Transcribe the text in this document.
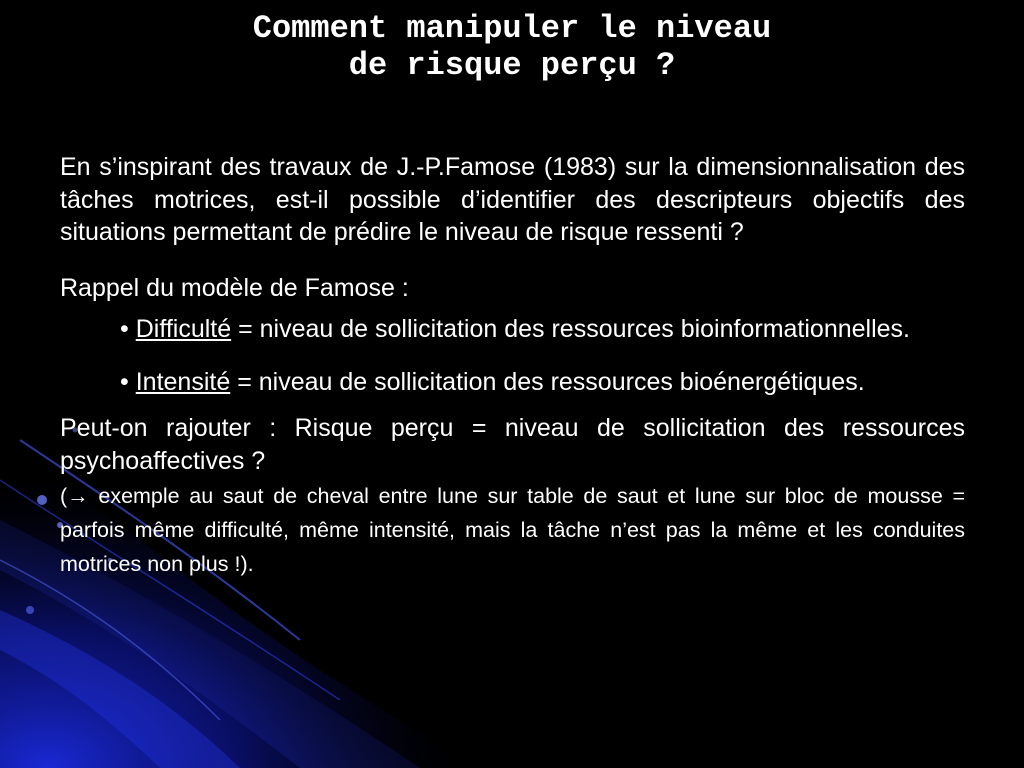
Comment manipuler le niveau
de risque perçu ?

En s’inspirant des travaux de J.-P.Famose (1983) sur la dimensionnalisation des tâches motrices, est-il possible d’identifier des descripteurs objectifs des situations permettant de prédire le niveau de risque ressenti ?

Rappel du modèle de Famose :

• Difficulté = niveau de sollicitation des ressources bioinformationnelles.
• Intensité = niveau de sollicitation des ressources bioénergétiques.

Peut-on rajouter : Risque perçu = niveau de sollicitation des ressources psychoaffectives ?

(→ exemple au saut de cheval entre lune sur table de saut et lune sur bloc de mousse = parfois même difficulté, même intensité, mais la tâche n’est pas la même et les conduites motrices non plus !).
